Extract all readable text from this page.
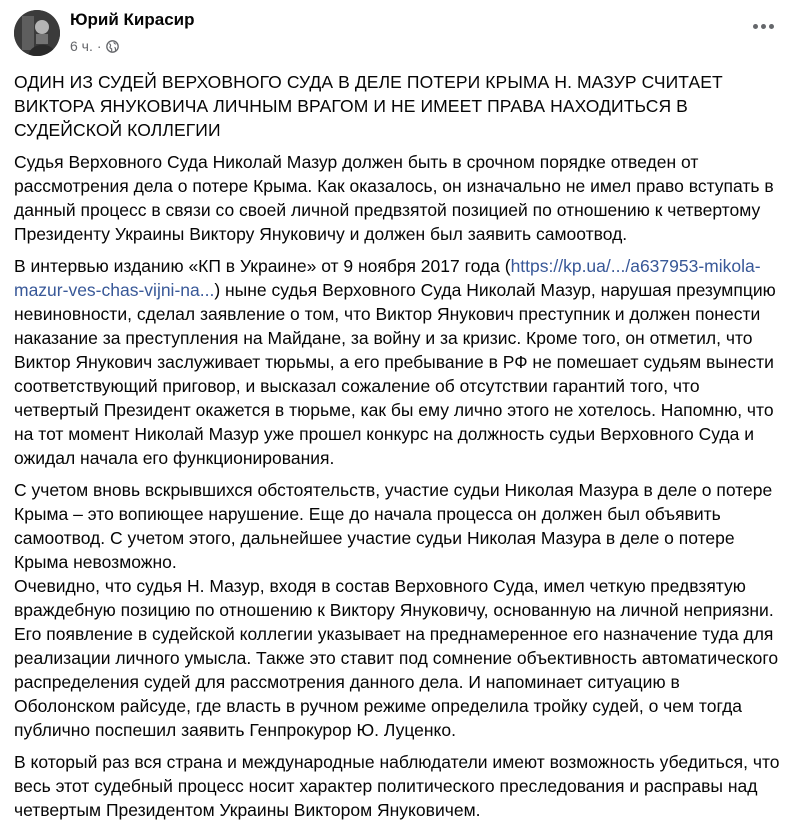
Юрий Кирасир
6 ч. ·
ОДИН ИЗ СУДЕЙ ВЕРХОВНОГО СУДА В ДЕЛЕ ПОТЕРИ КРЫМА Н. МАЗУР СЧИТАЕТ ВИКТОРА ЯНУКОВИЧА ЛИЧНЫМ ВРАГОМ И НЕ ИМЕЕТ ПРАВА НАХОДИТЬСЯ В СУДЕЙСКОЙ КОЛЛЕГИИ
Судья Верховного Суда Николай Мазур должен быть в срочном порядке отведен от рассмотрения дела о потере Крыма. Как оказалось, он изначально не имел право вступать в данный процесс в связи со своей личной предвзятой позицией по отношению к четвертому Президенту Украины Виктору Януковичу и должен был заявить самоотвод.
В интервью изданию «КП в Украине» от 9 ноября 2017 года (https://kp.ua/.../a637953-mikola-mazur-ves-chas-vijni-na...) ныне судья Верховного Суда Николай Мазур, нарушая презумпцию невиновности, сделал заявление о том, что Виктор Янукович преступник и должен понести наказание за преступления на Майдане, за войну и за кризис. Кроме того, он отметил, что Виктор Янукович заслуживает тюрьмы, а его пребывание в РФ не помешает судьям вынести соответствующий приговор, и высказал сожаление об отсутствии гарантий того, что четвертый Президент окажется в тюрьме, как бы ему лично этого не хотелось. Напомню, что на тот момент Николай Мазур уже прошел конкурс на должность судьи Верховного Суда и ожидал начала его функционирования.
С учетом вновь вскрывшихся обстоятельств, участие судьи Николая Мазура в деле о потере Крыма – это вопиющее нарушение. Еще до начала процесса он должен был объявить самоотвод. С учетом этого, дальнейшее участие судьи Николая Мазура в деле о потере Крыма невозможно.
Очевидно, что судья Н. Мазур, входя в состав Верховного Суда, имел четкую предвзятую враждебную позицию по отношению к Виктору Януковичу, основанную на личной неприязни. Его появление в судейской коллегии указывает на преднамеренное его назначение туда для реализации личного умысла. Также это ставит под сомнение объективность автоматического распределения судей для рассмотрения данного дела. И напоминает ситуацию в Оболонском райсуде, где власть в ручном режиме определила тройку судей, о чем тогда публично поспешил заявить Генпрокурор Ю. Луценко.
В который раз вся страна и международные наблюдатели имеют возможность убедиться, что весь этот судебный процесс носит характер политического преследования и расправы над четвертым Президентом Украины Виктором Януковичем.
